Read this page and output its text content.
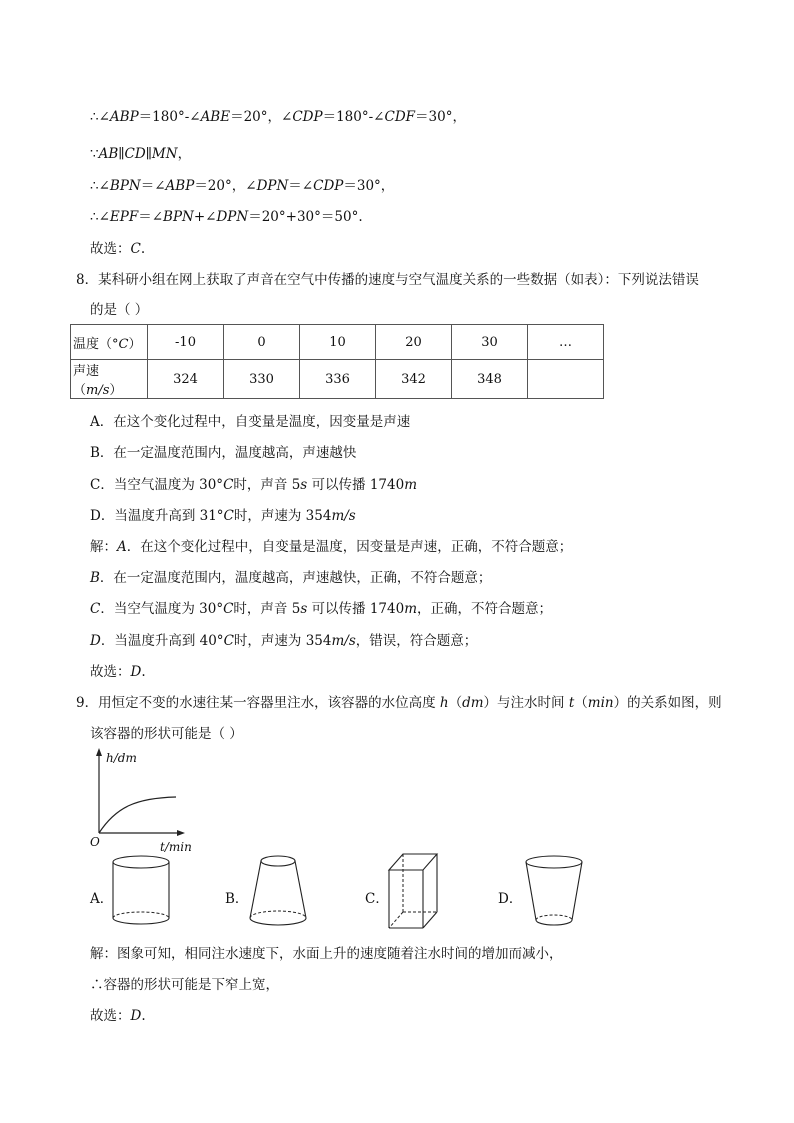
∴∠ABP＝180°-∠ABE＝20°，∠CDP＝180°-∠CDF＝30°，
∵AB∥CD∥MN，
∴∠BPN＝∠ABP＝20°，∠DPN＝∠CDP＝30°，
∴∠EPF＝∠BPN+∠DPN＝20°+30°＝50°.
故选：C.
8．某科研小组在网上获取了声音在空气中传播的速度与空气温度关系的一些数据（如表）：下列说法错误
的是（ ）
温度（°C）	-10	0	10	20	30	…
声速（m/s）	324	330	336	342	348	
A．在这个变化过程中，自变量是温度，因变量是声速
B．在一定温度范围内，温度越高，声速越快
C．当空气温度为 30°C时，声音 5s 可以传播 1740m
D．当温度升高到 31°C时，声速为 354m/s
解：A．在这个变化过程中，自变量是温度，因变量是声速，正确，不符合题意；
B．在一定温度范围内，温度越高，声速越快，正确，不符合题意；
C．当空气温度为 30°C时，声音 5s 可以传播 1740m，正确，不符合题意；
D．当温度升高到 40°C时，声速为 354m/s，错误，符合题意；
故选：D.
9．用恒定不变的水速往某一容器里注水，该容器的水位高度 h（dm）与注水时间 t（min）的关系如图，则
该容器的形状可能是（ ）
h/dm
t/min
O
A．	B．	C．	D．
解：图象可知，相同注水速度下，水面上升的速度随着注水时间的增加而减小，
∴容器的形状可能是下窄上宽，
故选：D.
